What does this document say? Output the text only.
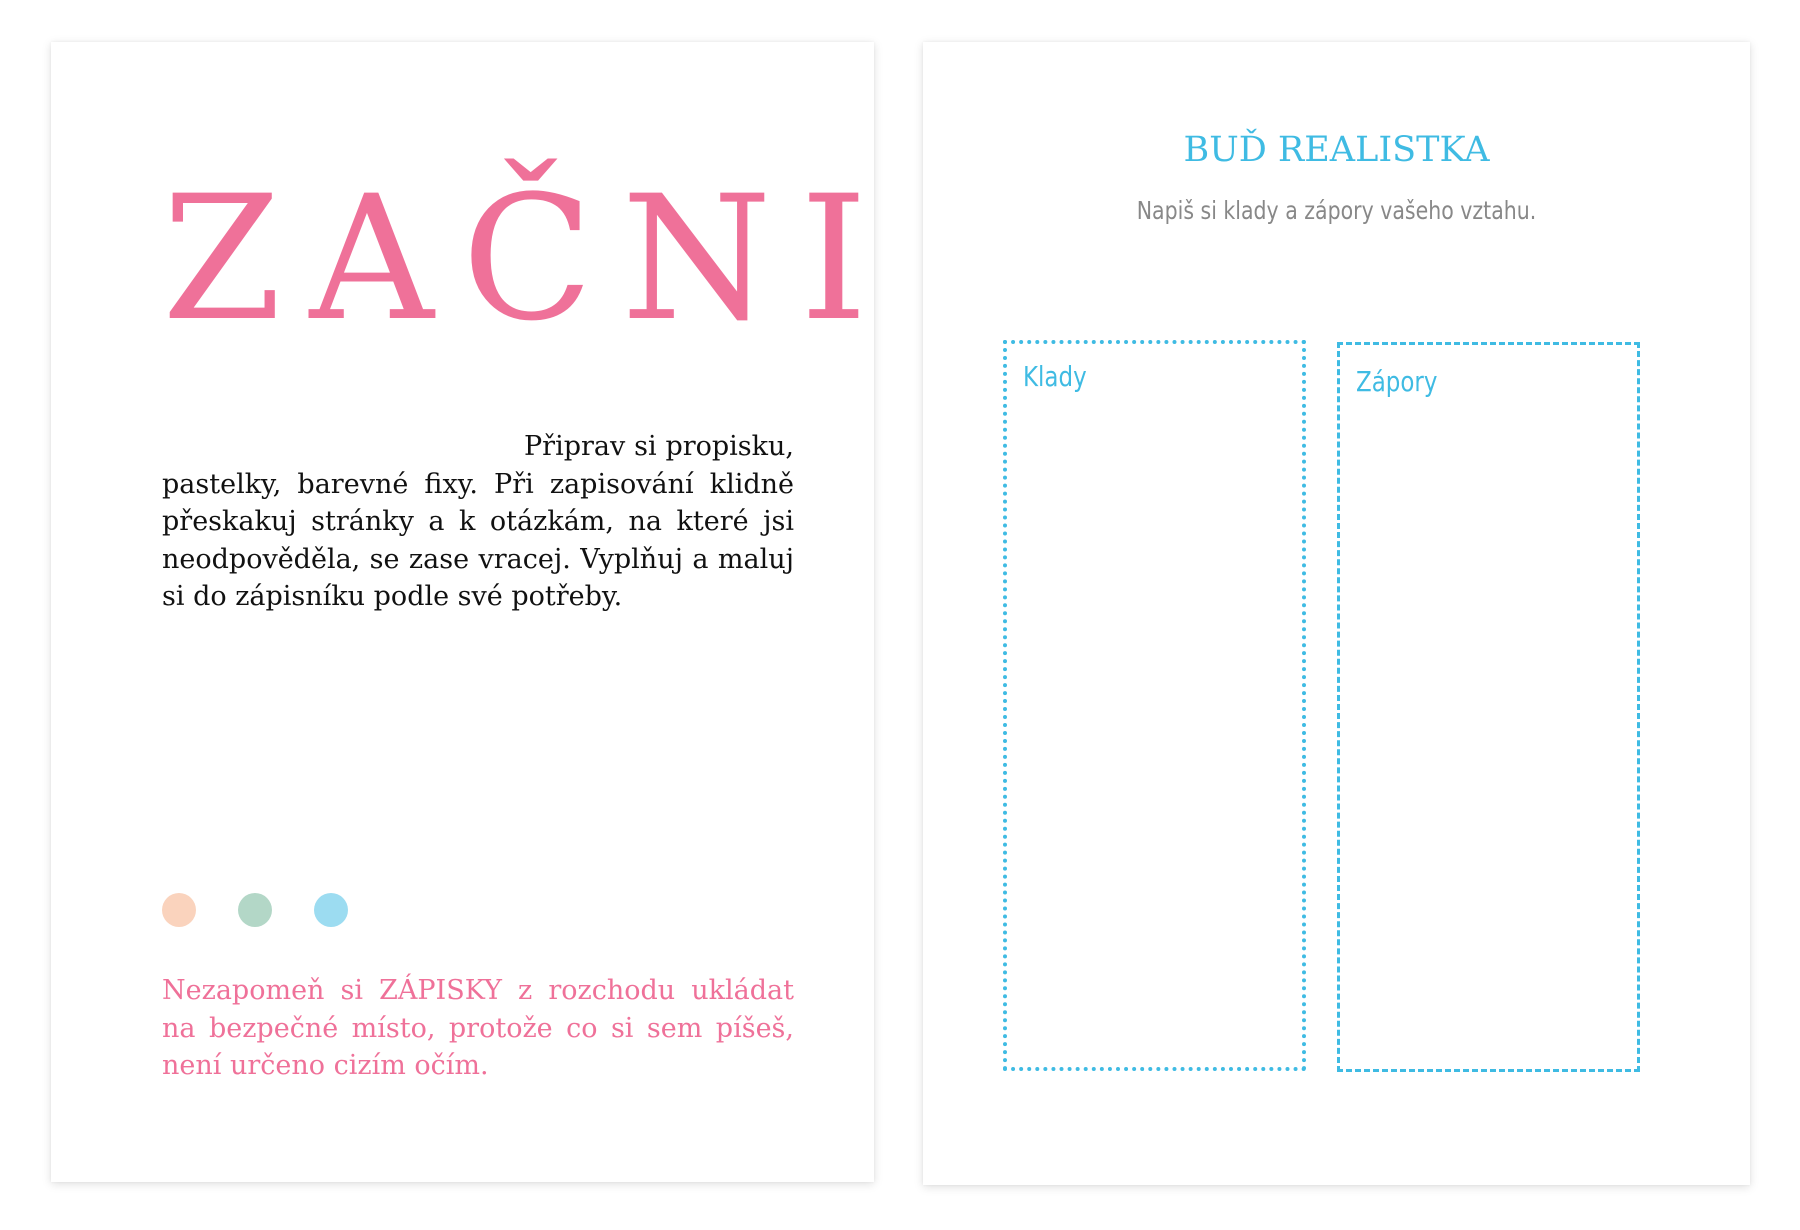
ZAČNI

Připrav si propisku, pastelky, barevné fixy. Při zapisování klidně přeskakuj stránky a k otázkám, na které jsi neodpověděla, se zase vracej. Vyplňuj a maluj si do zápisníku podle své potřeby.

Nezapomeň si ZÁPISKY z rozchodu ukládat na bezpečné místo, protože co si sem píšeš, není určeno cizím očím.

BUĎ REALISTKA

Napiš si klady a zápory vašeho vztahu.

Klady	Zápory
